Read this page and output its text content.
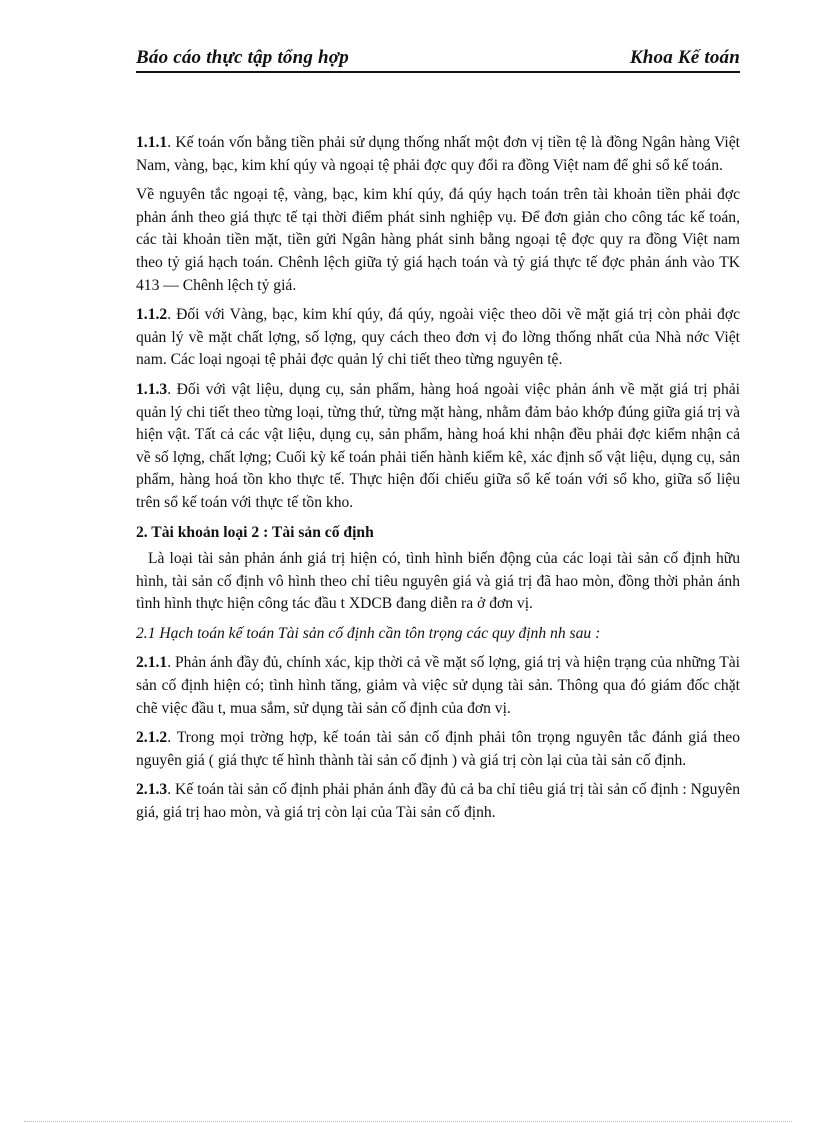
Báo cáo thực tập tổng hợp	Khoa Kế toán

1.1.1. Kế toán vốn bằng tiền phải sử dụng thống nhất một đơn vị tiền tệ là đồng Ngân hàng Việt Nam, vàng, bạc, kim khí qúy và ngoại tệ phải đợc quy đổi ra đồng Việt nam để ghi sổ kế toán.

Về nguyên tắc ngoại tệ, vàng, bạc, kim khí qúy, đá qúy hạch toán trên tài khoản tiền phải đợc phản ánh theo giá thực tế tại thời điểm phát sinh nghiệp vụ. Để đơn giản cho công tác kế toán, các tài khoản tiền mặt, tiền gửi Ngân hàng phát sinh bằng ngoại tệ đợc quy ra đồng Việt nam theo tỷ giá hạch toán. Chênh lệch giữa tỷ giá hạch toán và tỷ giá thực tế đợc phản ánh vào TK 413 — Chênh lệch tỷ giá.

1.1.2. Đối với Vàng, bạc, kim khí qúy, đá qúy, ngoài việc theo dõi về mặt giá trị còn phải đợc quản lý về mặt chất lợng, số lợng, quy cách theo đơn vị đo lờng thống nhất của Nhà nớc Việt nam. Các loại ngoại tệ phải đợc quản lý chi tiết theo từng nguyên tệ.

1.1.3. Đối với vật liệu, dụng cụ, sản phẩm, hàng hoá ngoài việc phản ánh về mặt giá trị phải quản lý chi tiết theo từng loại, từng thứ, từng mặt hàng, nhằm đảm bảo khớp đúng giữa giá trị và hiện vật. Tất cả các vật liệu, dụng cụ, sản phẩm, hàng hoá khi nhận đều phải đợc kiểm nhận cả về số lợng, chất lợng; Cuối kỳ kế toán phải tiến hành kiểm kê, xác định số vật liệu, dụng cụ, sản phẩm, hàng hoá tồn kho thực tế. Thực hiện đối chiếu giữa sổ kế toán với sổ kho, giữa số liệu trên sổ kế toán với thực tế tồn kho.

2. Tài khoản loại 2 : Tài sản cố định

Là loại tài sản phản ánh giá trị hiện có, tình hình biến động của các loại tài sản cố định hữu hình, tài sản cố định vô hình theo chỉ tiêu nguyên giá và giá trị đã hao mòn, đồng thời phản ánh tình hình thực hiện công tác đầu t XDCB đang diễn ra ở đơn vị.

2.1 Hạch toán kế toán Tài sản cố định cần tôn trọng các quy định nh sau :

2.1.1. Phản ánh đầy đủ, chính xác, kịp thời cả về mặt số lợng, giá trị và hiện trạng của những Tài sản cố định hiện có; tình hình tăng, giảm và việc sử dụng tài sản. Thông qua đó giám đốc chặt chẽ việc đầu t, mua sắm, sử dụng tài sản cố định của đơn vị.

2.1.2. Trong mọi trờng hợp, kế toán tài sản cố định phải tôn trọng nguyên tắc đánh giá theo nguyên giá ( giá thực tế hình thành tài sản cố định ) và giá trị còn lại của tài sản cố định.

2.1.3. Kế toán tài sản cố định phải phản ánh đầy đủ cả ba chỉ tiêu giá trị tài sản cố định : Nguyên giá, giá trị hao mòn, và giá trị còn lại của Tài sản cố định.
